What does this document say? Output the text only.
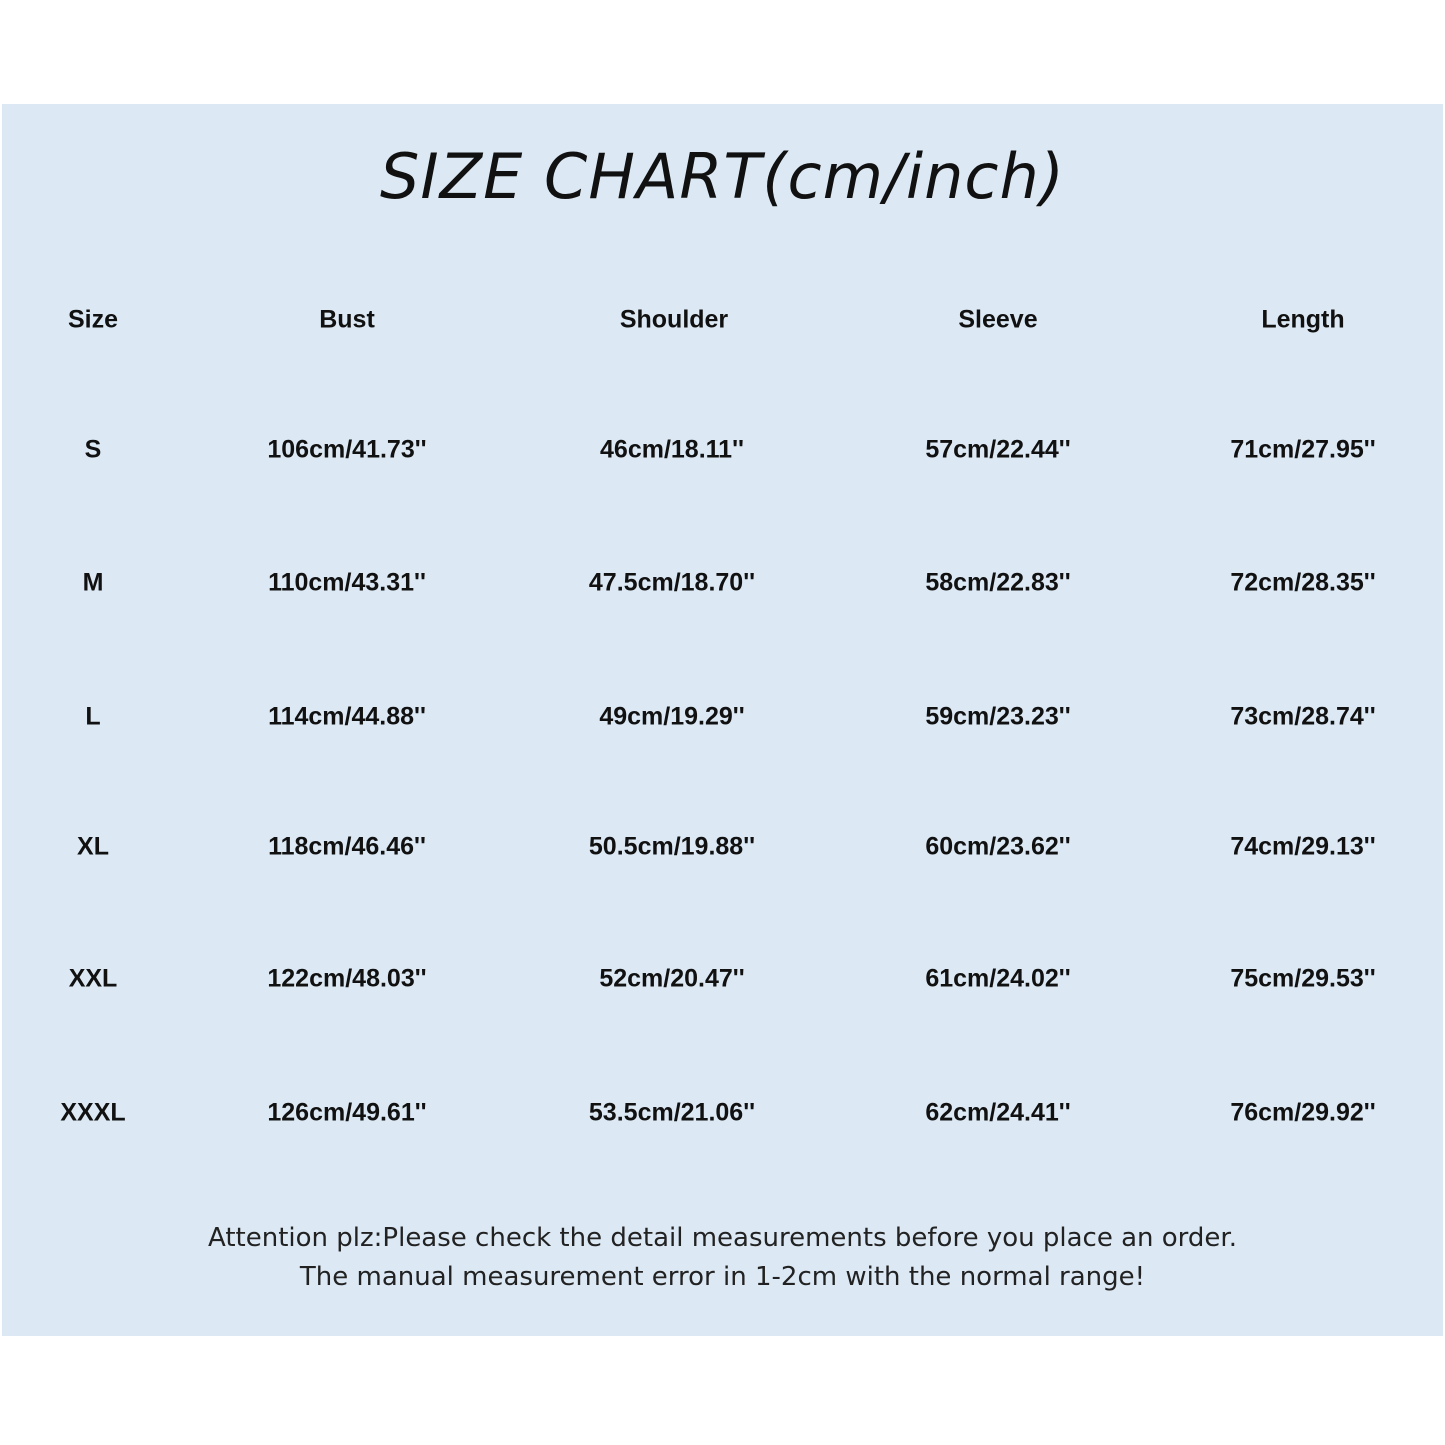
SIZE CHART(cm/inch)
Size	Bust	Shoulder	Sleeve	Length
S	106cm/41.73''	46cm/18.11''	57cm/22.44''	71cm/27.95''
M	110cm/43.31''	47.5cm/18.70''	58cm/22.83''	72cm/28.35''
L	114cm/44.88''	49cm/19.29''	59cm/23.23''	73cm/28.74''
XL	118cm/46.46''	50.5cm/19.88''	60cm/23.62''	74cm/29.13''
XXL	122cm/48.03''	52cm/20.47''	61cm/24.02''	75cm/29.53''
XXXL	126cm/49.61''	53.5cm/21.06''	62cm/24.41''	76cm/29.92''
Attention plz:Please check the detail measurements before you place an order.
The manual measurement error in 1-2cm with the normal range!
